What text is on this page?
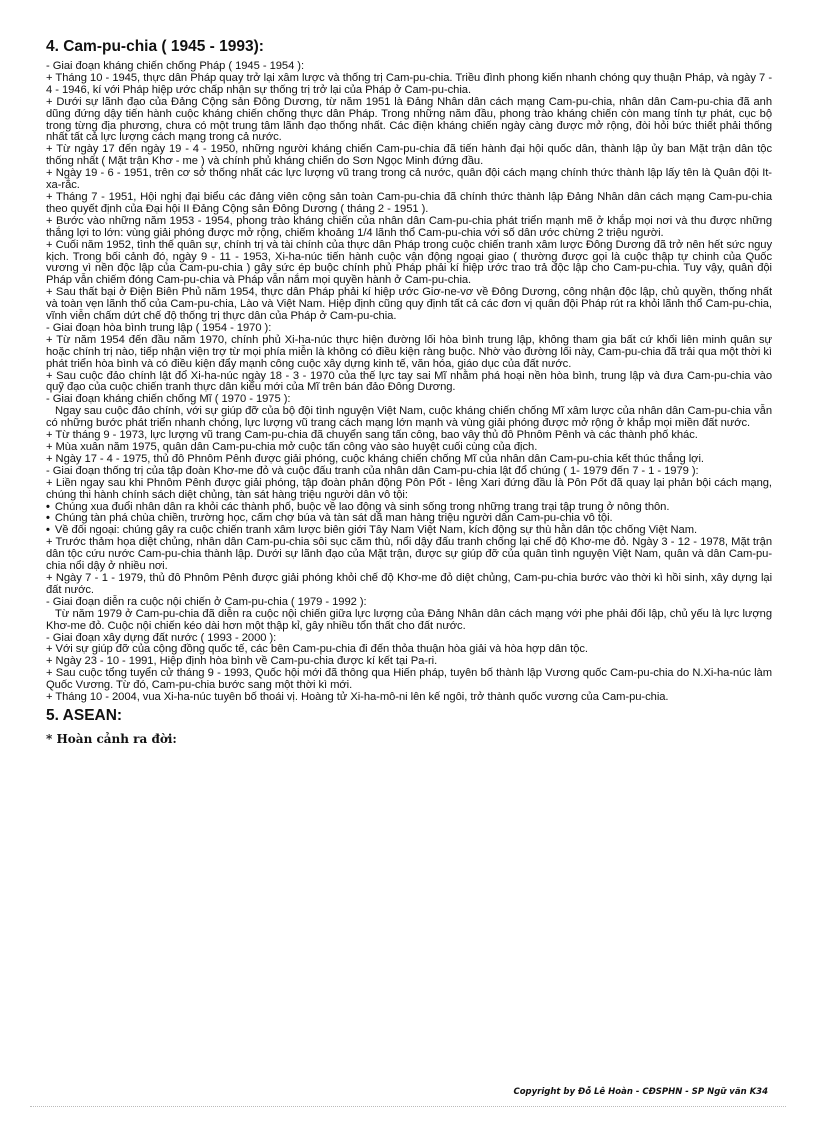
4. Cam-pu-chia ( 1945 - 1993):

- Giai đoạn kháng chiến chống Pháp ( 1945 - 1954 ):

+ Tháng 10 - 1945, thực dân Pháp quay trở lại xâm lược và thống trị Cam-pu-chia. Triều đình phong kiến nhanh chóng quy thuận Pháp, và ngày 7 - 4 - 1946, kí với Pháp hiệp ước chấp nhận sự thống trị trở lại của Pháp ở Cam-pu-chia.

+ Dưới sự lãnh đạo của Đảng Cộng sản Đông Dương, từ năm 1951 là Đảng Nhân dân cách mạng Cam-pu-chia, nhân dân Cam-pu-chia đã anh dũng đứng dậy tiến hành cuộc kháng chiến chống thực dân Pháp. Trong những năm đầu, phong trào kháng chiến còn mang tính tự phát, cục bộ trong từng địa phương, chưa có một trung tâm lãnh đạo thống nhất. Các điện kháng chiến ngày càng được mở rộng, đòi hỏi bức thiết phải thống nhất tất cả lực lượng cách mạng trong cả nước.

+ Từ ngày 17 đến ngày 19 - 4 - 1950, những người kháng chiến Cam-pu-chia đã tiến hành đại hội quốc dân, thành lập ủy ban Mặt trận dân tộc thống nhất ( Mặt trận Khơ - me ) và chính phủ kháng chiến do Sơn Ngọc Minh đứng đầu.

+ Ngày 19 - 6 - 1951, trên cơ sở thống nhất các lực lượng vũ trang trong cả nước, quân đội cách mạng chính thức thành lập lấy tên là Quân đội It-xa-rắc.

+ Tháng 7 - 1951, Hội nghị đại biểu các đảng viên cộng sản toàn Cam-pu-chia đã chính thức thành lập Đảng Nhân dân cách mạng Cam-pu-chia theo quyết định của Đại hội II Đảng Cộng sản Đông Dương ( tháng 2 - 1951 ).

+ Bước vào những năm 1953 - 1954, phong trào kháng chiến của nhân dân Cam-pu-chia phát triển mạnh mẽ ở khắp mọi nơi và thu được những thắng lợi to lớn: vùng giải phóng được mở rộng, chiếm khoảng 1/4 lãnh thổ Cam-pu-chia với số dân ước chừng 2 triệu người.

+ Cuối năm 1952, tình thế quân sự, chính trị và tài chính của thực dân Pháp trong cuộc chiến tranh xâm lược Đông Dương đã trở nên hết sức nguy kịch. Trong bối cảnh đó, ngày 9 - 11 - 1953, Xi-ha-núc tiến hành cuộc vận động ngoại giao ( thường được gọi là cuộc thập tự chinh của Quốc vương vì nền độc lập của Cam-pu-chia ) gây sức ép buộc chính phủ Pháp phải kí hiệp ước trao trả độc lập cho Cam-pu-chia. Tuy vậy, quân đội Pháp vẫn chiếm đóng Cam-pu-chia và Pháp vẫn nắm mọi quyền hành ở Cam-pu-chia.

+ Sau thất bại ở Điện Biên Phủ năm 1954, thực dân Pháp phải kí hiệp ước Giơ-ne-vơ về Đông Dương, công nhận độc lập, chủ quyền, thống nhất và toàn vẹn lãnh thổ của Cam-pu-chia, Lào và Việt Nam. Hiệp định cũng quy định tất cả các đơn vị quân đội Pháp rút ra khỏi lãnh thổ Cam-pu-chia, vĩnh viễn chấm dứt chế độ thống trị thực dân của Pháp ở Cam-pu-chia.

- Giai đoạn hòa bình trung lập ( 1954 - 1970 ):

+ Từ năm 1954 đến đầu năm 1970, chính phủ Xi-ha-núc thực hiện đường lối hòa bình trung lập, không tham gia bất cứ khối liên minh quân sự hoặc chính trị nào, tiếp nhận viện trợ từ mọi phía miễn là không có điều kiện ràng buộc. Nhờ vào đường lối này, Cam-pu-chia đã trải qua một thời kì phát triển hòa bình và có điều kiện đẩy mạnh công cuộc xây dựng kinh tế, văn hóa, giáo dục của đất nước.

+ Sau cuộc đảo chính lật đổ Xi-ha-núc ngày 18 - 3 - 1970 của thế lực tay sai Mĩ nhằm phá hoại nền hòa bình, trung lập và đưa Cam-pu-chia vào quỹ đạo của cuộc chiến tranh thực dân kiểu mới của Mĩ trên bán đảo Đông Dương.

- Giai đoạn kháng chiến chống Mĩ ( 1970 - 1975 ):

Ngay sau cuộc đảo chính, với sự giúp đỡ của bộ đội tình nguyện Việt Nam, cuộc kháng chiến chống Mĩ xâm lược của nhân dân Cam-pu-chia vẫn có những bước phát triển nhanh chóng, lực lượng vũ trang cách mạng lớn mạnh và vùng giải phóng được mở rộng ở khắp mọi miền đất nước.

+ Từ tháng 9 - 1973, lực lượng vũ trang Cam-pu-chia đã chuyển sang tấn công, bao vây thủ đô Phnôm Pênh và các thành phố khác.

+ Mùa xuân năm 1975, quân dân Cam-pu-chia mở cuộc tấn công vào sào huyệt cuối cùng của địch.

+ Ngày 17 - 4 - 1975, thủ đô Phnôm Pênh được giải phóng, cuộc kháng chiến chống Mĩ của nhân dân Cam-pu-chia kết thúc thắng lợi.

- Giai đoạn thống trị của tập đoàn Khơ-me đỏ và cuộc đấu tranh của nhân dân Cam-pu-chia lật đổ chúng ( 1- 1979 đến 7 - 1 - 1979 ):

+ Liền ngay sau khi Phnôm Pênh được giải phóng, tập đoàn phản động Pôn Pốt - Iêng Xari đứng đầu là Pôn Pốt đã quay lại phản bội cách mạng, chúng thi hành chính sách diệt chủng, tàn sát hàng triệu người dân vô tội:

• Chúng xua đuổi nhân dân ra khỏi các thành phố, buộc về lao động và sinh sống trong những trang trại tập trung ở nông thôn.

• Chúng tàn phá chùa chiền, trường học, cấm chợ búa và tàn sát dã man hàng triệu người dân Cam-pu-chia vô tội.

• Về đối ngoại: chúng gây ra cuộc chiến tranh xâm lược biên giới Tây Nam Việt Nam, kích động sự thù hằn dân tộc chống Việt Nam.

+ Trước thảm họa diệt chủng, nhân dân Cam-pu-chia sôi sục căm thù, nổi dậy đấu tranh chống lại chế độ Khơ-me đỏ. Ngày 3 - 12 - 1978, Mặt trận dân tộc cứu nước Cam-pu-chia thành lập. Dưới sự lãnh đạo của Mặt trận, được sự giúp đỡ của quân tình nguyện Việt Nam, quân và dân Cam-pu-chia nổi dậy ở nhiều nơi.

+ Ngày 7 - 1 - 1979, thủ đô Phnôm Pênh được giải phóng khỏi chế độ Khơ-me đỏ diệt chủng, Cam-pu-chia bước vào thời kì hồi sinh, xây dựng lại đất nước.

- Giai đoạn diễn ra cuộc nội chiến ở Cam-pu-chia ( 1979 - 1992 ):

Từ năm 1979 ở Cam-pu-chia đã diễn ra cuộc nội chiến giữa lực lượng của Đảng Nhân dân cách mạng với phe phải đối lập, chủ yếu là lực lượng Khơ-me đỏ. Cuộc nội chiến kéo dài hơn một thập kỉ, gây nhiều tổn thất cho đất nước.

- Giai đoạn xây dựng đất nước ( 1993 - 2000 ):

+ Với sự giúp đỡ của cộng đồng quốc tế, các bên Cam-pu-chia đi đến thỏa thuận hòa giải và hòa hợp dân tộc.

+ Ngày 23 - 10 - 1991, Hiệp định hòa bình về Cam-pu-chia được kí kết tại Pa-ri.

+ Sau cuộc tổng tuyển cử tháng 9 - 1993, Quốc hội mới đã thông qua Hiến pháp, tuyên bố thành lập Vương quốc Cam-pu-chia do N.Xi-ha-núc làm Quốc Vương. Từ đó, Cam-pu-chia bước sang một thời kì mới.

+ Tháng 10 - 2004, vua Xi-ha-núc tuyên bố thoái vị. Hoàng tử Xi-ha-mô-ni lên kế ngôi, trở thành quốc vương của Cam-pu-chia.

5. ASEAN:
* Hoàn cảnh ra đời:
Copyright by Đỗ Lê Hoàn - CĐSPHN - SP Ngữ văn K34
